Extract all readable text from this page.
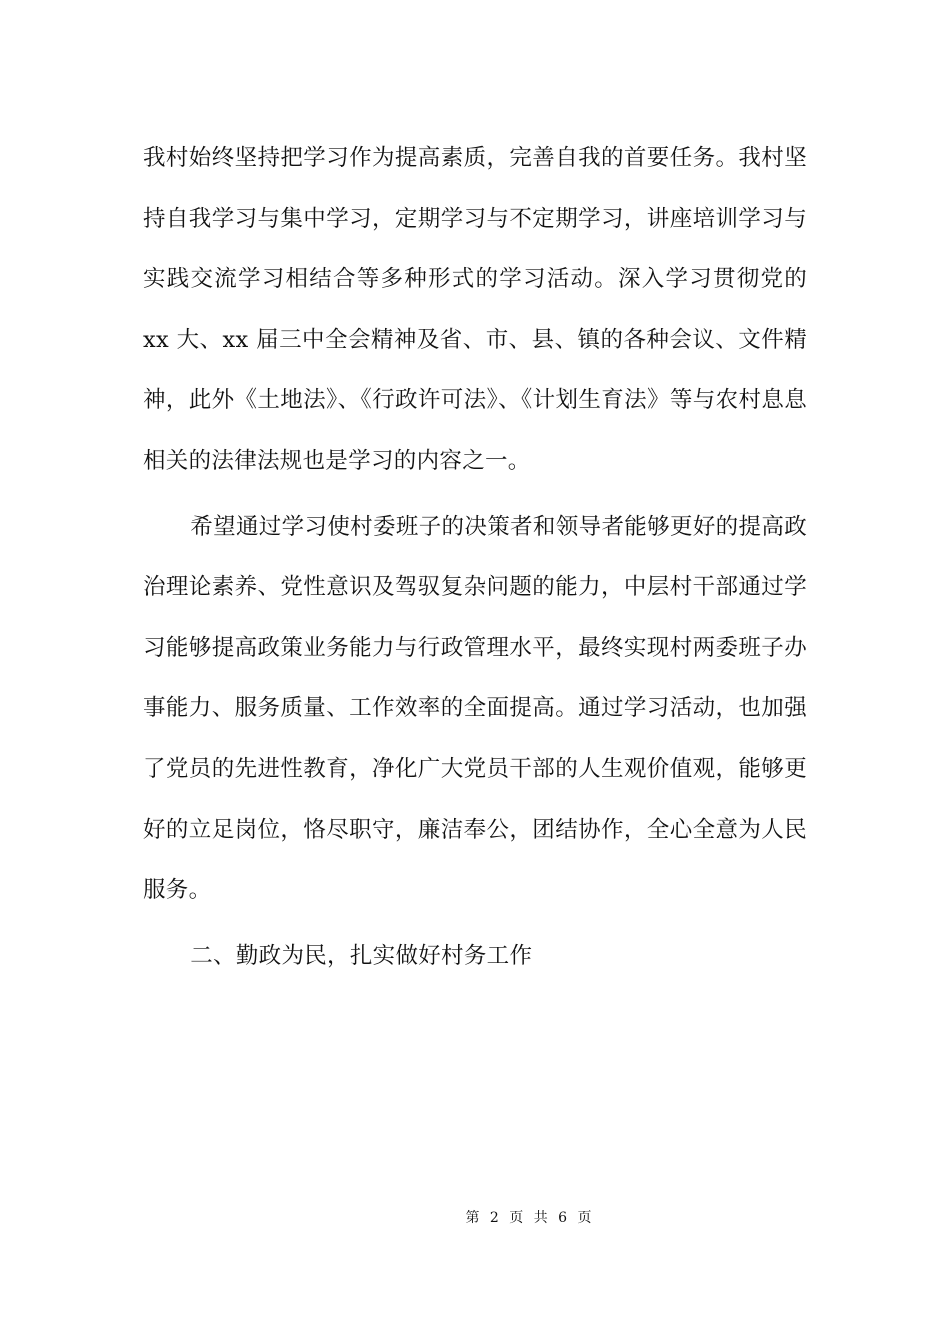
我村始终坚持把学习作为提高素质，完善自我的首要任务。我村坚持自我学习与集中学习，定期学习与不定期学习，讲座培训学习与实践交流学习相结合等多种形式的学习活动。深入学习贯彻党的 xx 大、xx 届三中全会精神及省、市、县、镇的各种会议、文件精神，此外《土地法》、《行政许可法》、《计划生育法》等与农村息息相关的法律法规也是学习的内容之一。

希望通过学习使村委班子的决策者和领导者能够更好的提高政治理论素养、党性意识及驾驭复杂问题的能力，中层村干部通过学习能够提高政策业务能力与行政管理水平，最终实现村两委班子办事能力、服务质量、工作效率的全面提高。通过学习活动，也加强了党员的先进性教育，净化广大党员干部的人生观价值观，能够更好的立足岗位，恪尽职守，廉洁奉公，团结协作，全心全意为人民服务。

二、勤政为民，扎实做好村务工作

第 2 页 共 6 页
